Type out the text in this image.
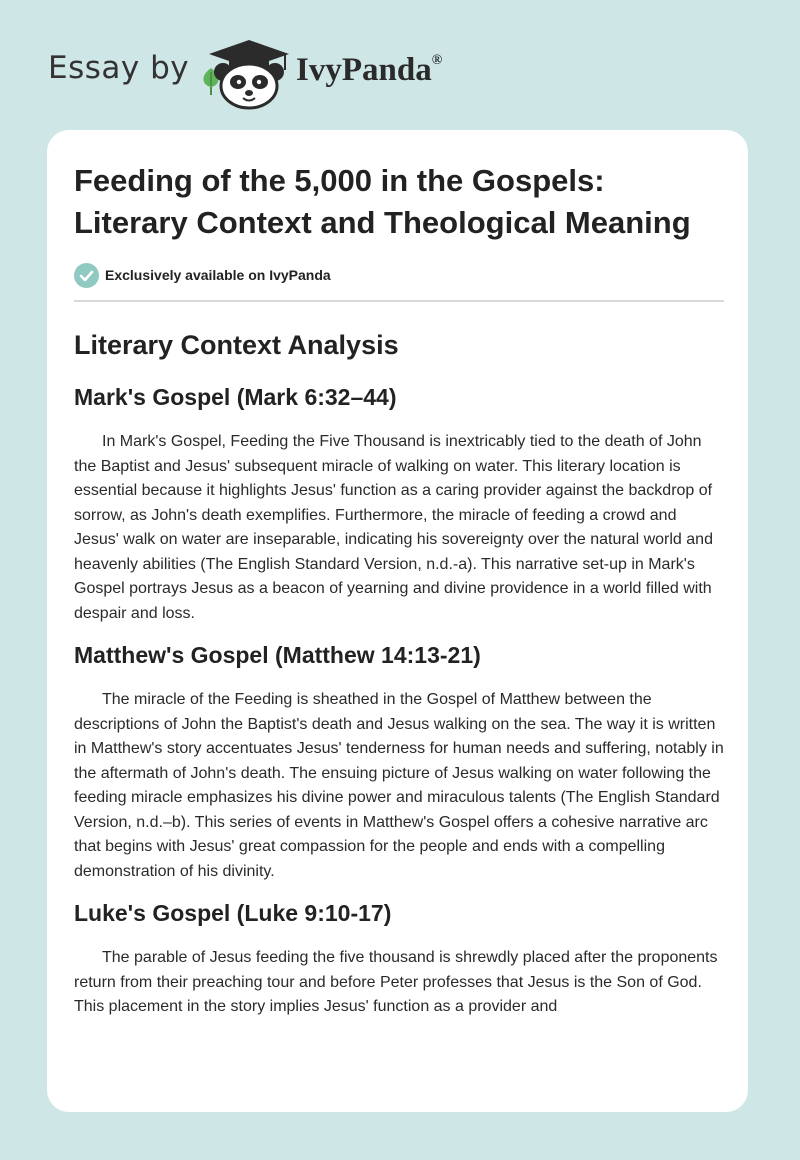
Essay by	IvyPanda®
Feeding of the 5,000 in the Gospels: Literary Context and Theological Meaning
Exclusively available on IvyPanda
Literary Context Analysis
Mark's Gospel (Mark 6:32–44)

In Mark's Gospel, Feeding the Five Thousand is inextricably tied to the death of John the Baptist and Jesus' subsequent miracle of walking on water. This literary location is essential because it highlights Jesus' function as a caring provider against the backdrop of sorrow, as John's death exemplifies. Furthermore, the miracle of feeding a crowd and Jesus' walk on water are inseparable, indicating his sovereignty over the natural world and heavenly abilities (The English Standard Version, n.d.-a). This narrative set-up in Mark's Gospel portrays Jesus as a beacon of yearning and divine providence in a world filled with despair and loss.

Matthew's Gospel (Matthew 14:13-21)

The miracle of the Feeding is sheathed in the Gospel of Matthew between the descriptions of John the Baptist's death and Jesus walking on the sea. The way it is written in Matthew's story accentuates Jesus' tenderness for human needs and suffering, notably in the aftermath of John's death. The ensuing picture of Jesus walking on water following the feeding miracle emphasizes his divine power and miraculous talents (The English Standard Version, n.d.–b). This series of events in Matthew's Gospel offers a cohesive narrative arc that begins with Jesus' great compassion for the people and ends with a compelling demonstration of his divinity.

Luke's Gospel (Luke 9:10-17)

The parable of Jesus feeding the five thousand is shrewdly placed after the proponents return from their preaching tour and before Peter professes that Jesus is the Son of God. This placement in the story implies Jesus' function as a provider and
